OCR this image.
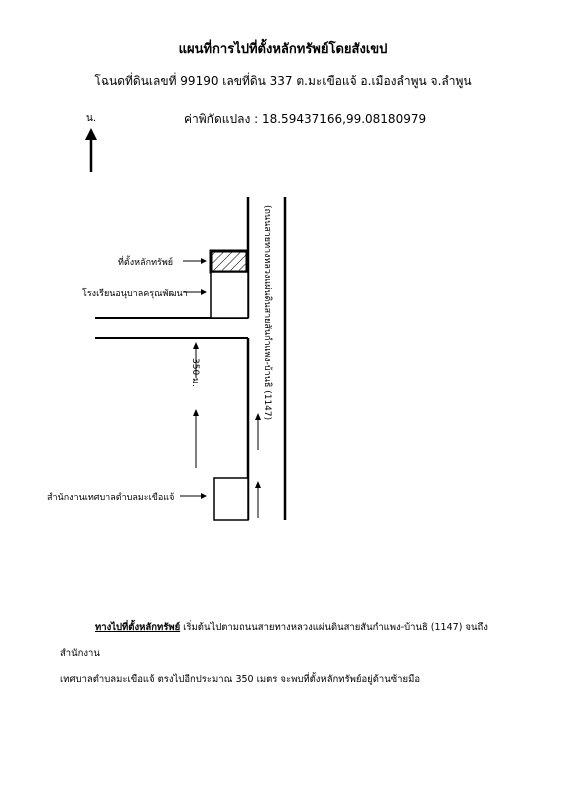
แผนที่การไปที่ตั้งหลักทรัพย์โดยสังเขป
โฉนดที่ดินเลขที่ 99190 เลขที่ดิน 337 ต.มะเขือแจ้ อ.เมืองลำพูน จ.ลำพูน
น.	ค่าพิกัดแปลง : 18.59437166,99.08180979
ที่ตั้งหลักทรัพย์
โรงเรียนอนุบาลครุณพัฒนา
สำนักงานเทศบาลตำบลมะเขือแจ้
(ถนนสายทางหลวงแผ่นดินสายสันกำแพง-บ้านธิ (1147)
350 ม.
ทางไปที่ตั้งหลักทรัพย์ เริ่มต้นไปตามถนนสายทางหลวงแผ่นดินสายสันกำแพง-บ้านธิ (1147) จนถึงสำนักงาน
เทศบาลตำบลมะเขือแจ้ ตรงไปอีกประมาณ 350 เมตร จะพบที่ตั้งหลักทรัพย์อยู่ด้านซ้ายมือ
